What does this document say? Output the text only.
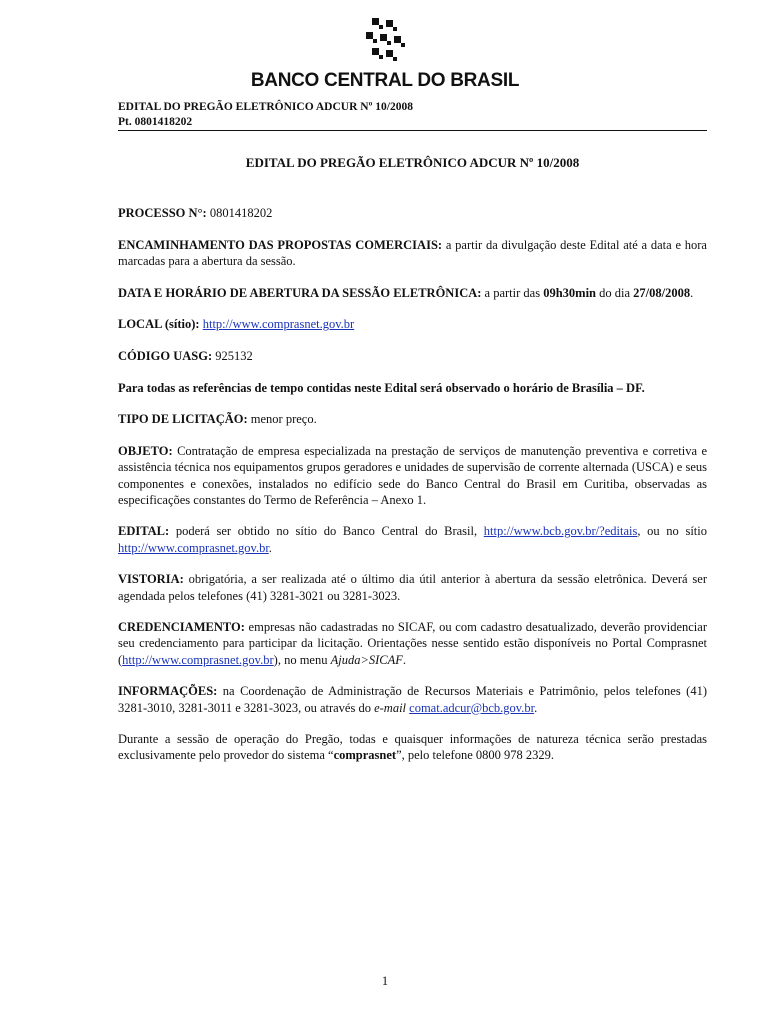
BANCO CENTRAL DO BRASIL
EDITAL DO PREGÃO ELETRÔNICO ADCUR Nº 10/2008
Pt. 0801418202
EDITAL DO PREGÃO ELETRÔNICO ADCUR Nº 10/2008

PROCESSO N°: 0801418202

ENCAMINHAMENTO DAS PROPOSTAS COMERCIAIS: a partir da divulgação deste Edital até a data e hora marcadas para a abertura da sessão.

DATA E HORÁRIO DE ABERTURA DA SESSÃO ELETRÔNICA: a partir das 09h30min do dia 27/08/2008.

LOCAL (sítio): http://www.comprasnet.gov.br

CÓDIGO UASG: 925132

Para todas as referências de tempo contidas neste Edital será observado o horário de Brasília – DF.

TIPO DE LICITAÇÃO: menor preço.

OBJETO: Contratação de empresa especializada na prestação de serviços de manutenção preventiva e corretiva e assistência técnica nos equipamentos grupos geradores e unidades de supervisão de corrente alternada (USCA) e seus componentes e conexões, instalados no edifício sede do Banco Central do Brasil em Curitiba, observadas as especificações constantes do Termo de Referência – Anexo 1.

EDITAL: poderá ser obtido no sítio do Banco Central do Brasil, http://www.bcb.gov.br/?editais, ou no sítio http://www.comprasnet.gov.br.

VISTORIA: obrigatória, a ser realizada até o último dia útil anterior à abertura da sessão eletrônica. Deverá ser agendada pelos telefones (41) 3281-3021 ou 3281-3023.

CREDENCIAMENTO: empresas não cadastradas no SICAF, ou com cadastro desatualizado, deverão providenciar seu credenciamento para participar da licitação. Orientações nesse sentido estão disponíveis no Portal Comprasnet (http://www.comprasnet.gov.br), no menu Ajuda>SICAF.

INFORMAÇÕES: na Coordenação de Administração de Recursos Materiais e Patrimônio, pelos telefones (41) 3281-3010, 3281-3011 e 3281-3023, ou através do e-mail comat.adcur@bcb.gov.br.

Durante a sessão de operação do Pregão, todas e quaisquer informações de natureza técnica serão prestadas exclusivamente pelo provedor do sistema “comprasnet”, pelo telefone 0800 978 2329.

1
